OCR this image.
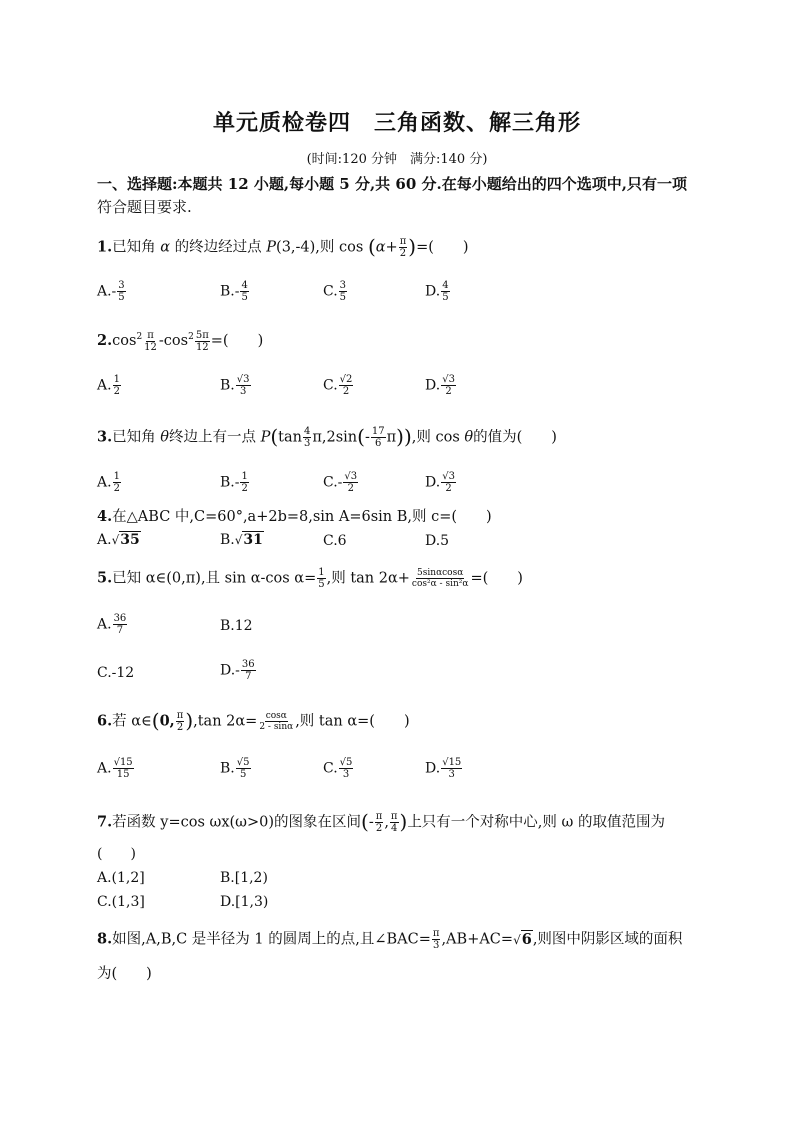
单元质检卷四　三角函数、解三角形
(时间:120 分钟　满分:140 分)
一、选择题:本题共 12 小题,每小题 5 分,共 60 分.在每小题给出的四个选项中,只有一项
符合题目要求.
1.已知角 α 的终边经过点 P(3,-4),则 $\cos (\alpha+ \frac{\pi}{2}$ )=(　　)
$A.- \frac{3}{5}$	$B.- \frac{4}{5}$	C. $\frac{3}{5}$	D. $\frac{4}{5}$
$2.\cos^2 \frac{\pi}{12} -\cos^2 \frac{5\pi}{12}$ =(　　)
A. $\frac{1}{2}$	B. $\frac{√3}{3}$	C. $\frac{√2}{2}$	D. $\frac{√3}{2}$
3.已知角 θ终边上有一点 $P(\tan \frac{4}{3} \pi,2\sin(- \frac{17}{6} \pi))$,则 cos θ的值为(　　)
A. $\frac{1}{2}$	$B.- \frac{1}{2}$	$C.- \frac{√3}{2}$	D. $\frac{√3}{2}$
4.在△ABC 中,C=60°,a+2b=8,sin A=6sin B,则 c=(　　)
A.√35	B.√31	C.6	D.5
5.已知 α∈(0,π),且 sin α-cos $\alpha= \frac{1}{5}$ ,则 $\tan 2\alpha+ \frac{5\sin\alpha\cos\alpha}{\text{cos²α - sin²α}}$ =(　　)
A. $\frac{36}{7}$	B.12
C.-12	$D.- \frac{36}{7}$
6.若 α∈(0, $\frac{\pi}{2} ),\tan$ $2\alpha= \frac{\cos\alpha}{2 - \sin\alpha}$ ,则 tan α=(　　)
A. $\frac{√15}{15}$	B. $\frac{√5}{5}$	C. $\frac{√5}{3}$	D. $\frac{√15}{3}$
7.若函数 y=cos ωx(ω>0)的图象在区间(- $\frac{\pi}{2}$ , $\frac{\pi}{4}$ )上只有一个对称中心,则 ω 的取值范围为
(　　)
A.(1,2]	B.[1,2)
C.(1,3]	D.[1,3)
8.如图,A,B,C 是半径为 1 的圆周上的点,且∠BAC= $\frac{\pi}{3} ,AB+AC=√6$,则图中阴影区域的面积
为(　　)
